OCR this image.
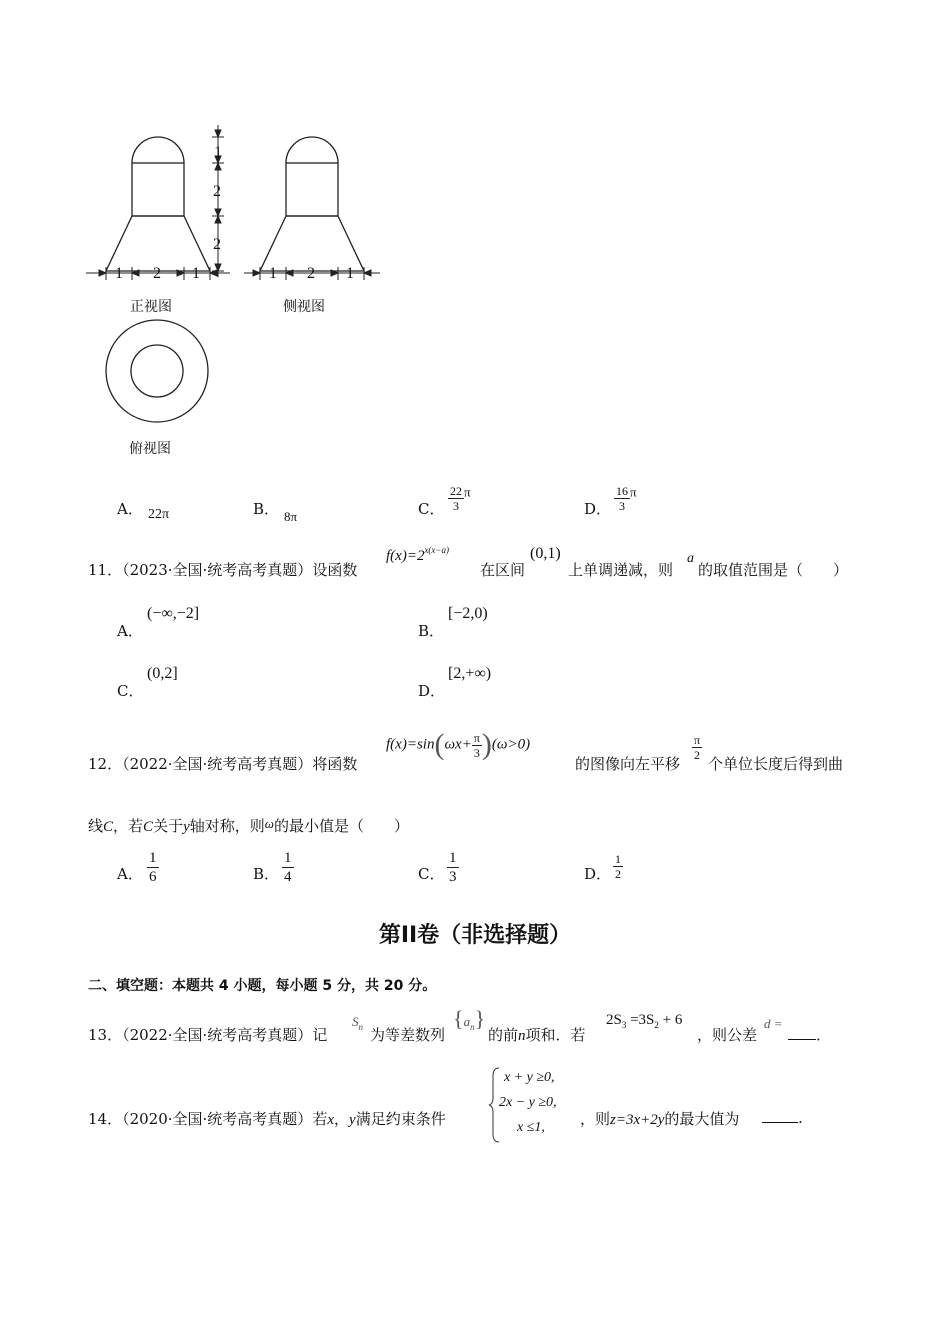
1
2
2
1 2 1	1 2 1
正视图	侧视图
俯视图
A． 22π	B． 8π	C． $\frac{22}{3}$ π
D． $\frac{16}{3}$ π
11．（2023·全国·统考高考真题）设函数
$f(x)=2^{x(x-a)}$
在区间
(0,1)
上单调递减，则
a
的取值范围是（　　）
A．
(−∞,−2]
B．
[−2,0)
C．
(0,2]
D．
[2,+∞)
12．（2022·全国·统考高考真题）将函数
$f(x)=\sin(\omega x+ \frac{\pi}{3} )(\omega>0)$
的图像向左平移
$\frac{\pi}{2}$
个单位长度后得到曲
线C，若C关于y轴对称，则ω的最小值是（　　）
A． $\frac{1}{6}$	B． $\frac{1}{4}$	C． $\frac{1}{3}$	D． $\frac{1}{2}$
第II卷（非选择题）
二、填空题：本题共 4 小题，每小题 5 分，共 20 分。
13．（2022·全国·统考高考真题）记
$S_n$ 为等差数列
$\{a_n\}$
的前n项和．若
$2S_3 =3S_2 + 6$
，则公差
d =
．
14．（2020·全国·统考高考真题）若x，y满足约束条件
x + y ≥0,
2x − y ≥0,
x ≤1, ，则z=3x+2y的最大值为	.
